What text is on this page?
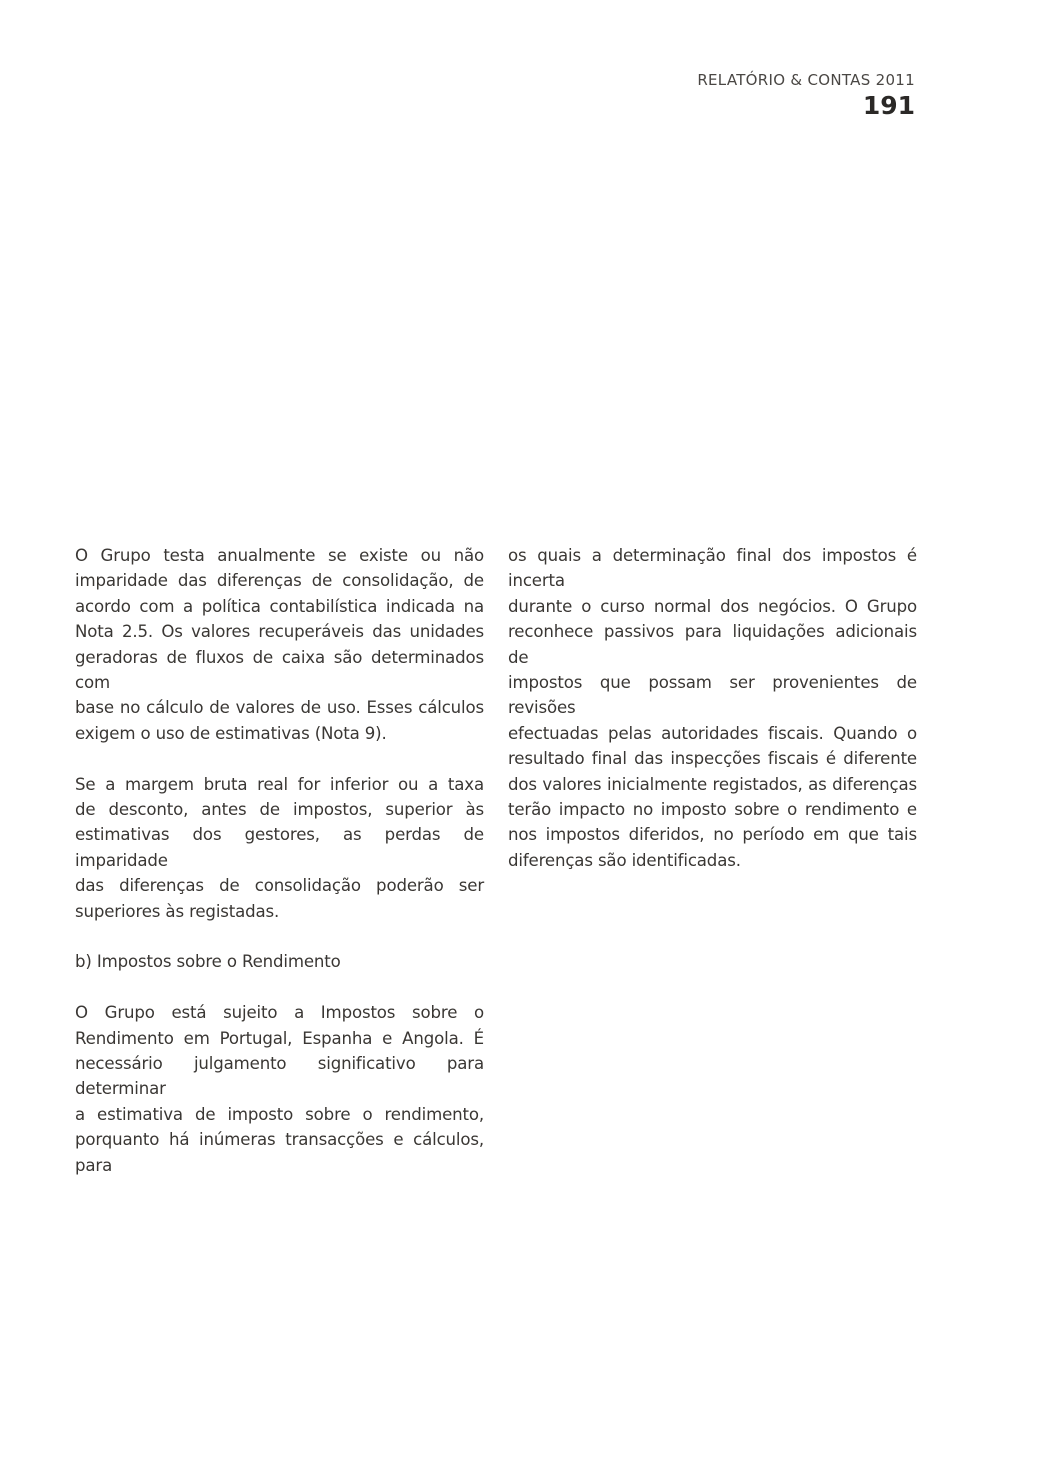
RELATÓRIO & CONTAS 2011
191

O Grupo testa anualmente se existe ou não
imparidade das diferenças de consolidação, de
acordo com a política contabilística indicada na
Nota 2.5. Os valores recuperáveis das unidades
geradoras de fluxos de caixa são determinados com
base no cálculo de valores de uso. Esses cálculos
exigem o uso de estimativas (Nota 9).

Se a margem bruta real for inferior ou a taxa
de desconto, antes de impostos, superior às
estimativas dos gestores, as perdas de imparidade
das diferenças de consolidação poderão ser
superiores às registadas.

b) Impostos sobre o Rendimento

O Grupo está sujeito a Impostos sobre o
Rendimento em Portugal, Espanha e Angola. É
necessário julgamento significativo para determinar
a estimativa de imposto sobre o rendimento,
porquanto há inúmeras transacções e cálculos, para

os quais a determinação final dos impostos é incerta
durante o curso normal dos negócios. O Grupo
reconhece passivos para liquidações adicionais de
impostos que possam ser provenientes de revisões
efectuadas pelas autoridades fiscais. Quando o
resultado final das inspecções fiscais é diferente
dos valores inicialmente registados, as diferenças
terão impacto no imposto sobre o rendimento e
nos impostos diferidos, no período em que tais
diferenças são identificadas.
